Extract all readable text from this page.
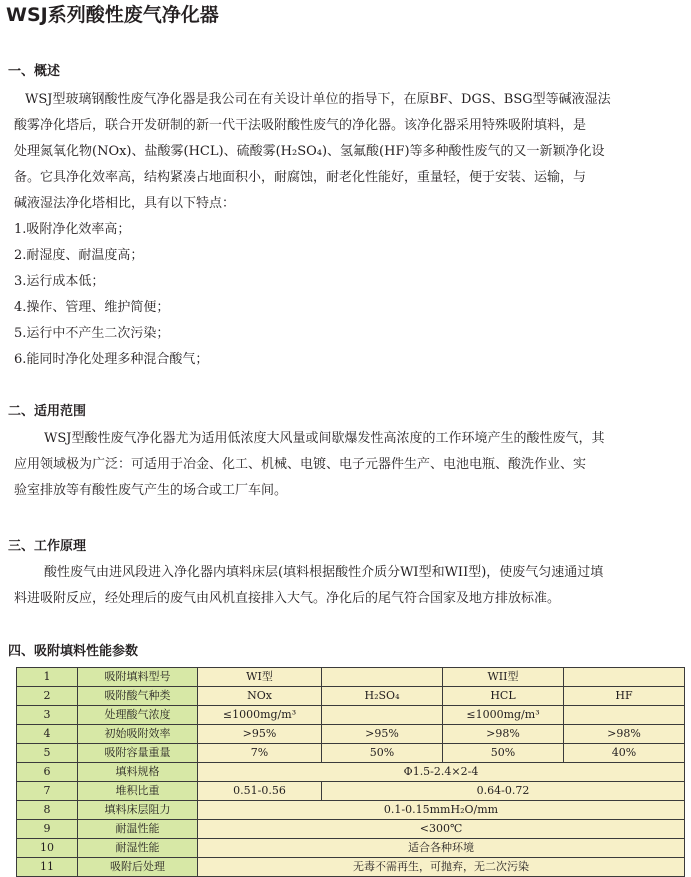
WSJ系列酸性废气净化器
一、概述

WSJ型玻璃钢酸性废气净化器是我公司在有关设计单位的指导下，在原BF、DGS、BSG型等碱液湿法

酸雾净化塔后，联合开发研制的新一代干法吸附酸性废气的净化器。该净化器采用特殊吸附填料，是

处理氮氧化物(NOx)、盐酸雾(HCL)、硫酸雾(H₂SO₄)、氢氟酸(HF)等多种酸性废气的又一新颖净化设

备。它具净化效率高，结构紧凑占地面积小，耐腐蚀，耐老化性能好，重量轻，便于安装、运输，与

碱液湿法净化塔相比，具有以下特点：

1.吸附净化效率高；
2.耐湿度、耐温度高；
3.运行成本低；
4.操作、管理、维护简便；
5.运行中不产生二次污染；
6.能同时净化处理多种混合酸气；
二、适用范围

WSJ型酸性废气净化器尤为适用低浓度大风量或间歇爆发性高浓度的工作环境产生的酸性废气，其

应用领域极为广泛：可适用于冶金、化工、机械、电镀、电子元器件生产、电池电瓶、酸洗作业、实

验室排放等有酸性废气产生的场合或工厂车间。

三、工作原理

酸性废气由进风段进入净化器内填料床层(填料根据酸性介质分WI型和WII型)，使废气匀速通过填

料进吸附反应，经处理后的废气由风机直接排入大气。净化后的尾气符合国家及地方排放标准。

四、吸附填料性能参数
1	吸附填料型号	WI型		WII型	
2	吸附酸气种类	NOx	H₂SO₄	HCL	HF
3	处理酸气浓度	≤1000mg/m³		≤1000mg/m³	
4	初始吸附效率	>95%	>95%	>98%	>98%
5	吸附容量重量	7%	50%	50%	40%
6	填料规格	Φ1.5-2.4×2-4			
7	堆积比重	0.51-0.56	0.64-0.72		
8	填料床层阻力	0.1-0.15mmH₂O/mm			
9	耐温性能	<300℃			
10	耐湿性能	适合各种环境			
11	吸附后处理	无毒不需再生，可抛弃，无二次污染			
